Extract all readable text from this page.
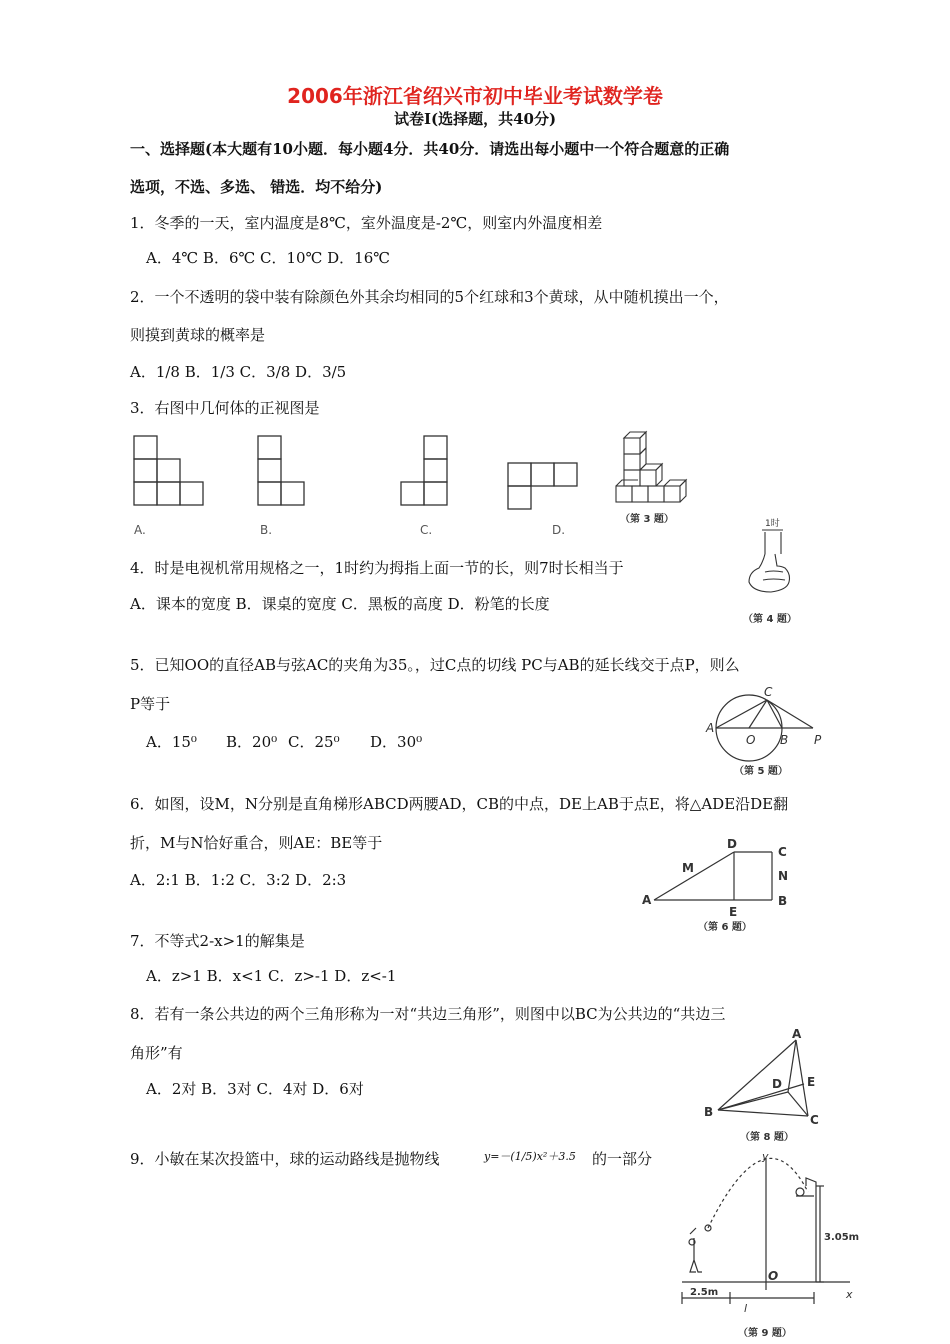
2006年浙江省绍兴市初中毕业考试数学卷
试卷Ⅰ(选择题，共40分)
一、选择题(本大题有10小题．每小题4分．共40分．请选出每小题中一个符合题意的正确
选项，不选、多选、 错选．均不给分)
1．冬季的一天，室内温度是8℃，室外温度是-2℃，则室内外温度相差
A．4℃ B．6℃ C．10℃ D．16℃
2．一个不透明的袋中装有除颜色外其余均相同的5个红球和3个黄球，从中随机摸出一个，
则摸到黄球的概率是
A．1/8 B．1/3 C．3/8 D．3/5
3．右图中几何体的正视图是
A.	B.	C.	D.
（第 3 题）
4．时是电视机常用规格之一，1时约为拇指上面一节的长，则7时长相当于
A．课本的宽度 B．课桌的宽度 C．黑板的高度 D．粉笔的长度
1时
（第 4 题）
5．已知OO的直径AB与弦AC的夹角为35。，过C点的切线 PC与AB的延长线交于点P，则么
P等于
A．15⁰ B．20⁰ C．25⁰ D．30⁰
A
O B P
C
（第 5 题）
6．如图，设M，N分别是直角梯形ABCD两腰AD，CB的中点，DE上AB于点E，将△ADE沿DE翻
折，M与N恰好重合，则AE：BE等于
A．2:1 B．1:2 C．3:2 D．2:3
A
E
B
C
D
M
N
（第 6 题）
7．不等式2-x>1的解集是
A．z>1 B．x<1 C．z>-1 D．z<-1
8．若有一条公共边的两个三角形称为一对“共边三角形”，则图中以BC为公共边的“共边三
角形”有
A．2对 B．3对 C．4对 D．6对
A
B
C
D E
（第 8 题）
9．小敏在某次投篮中，球的运动路线是抛物线	y=－(1/5)x²＋3.5 的一部分	y
x
O
3.05m
2.5m
l
（第 9 题）
